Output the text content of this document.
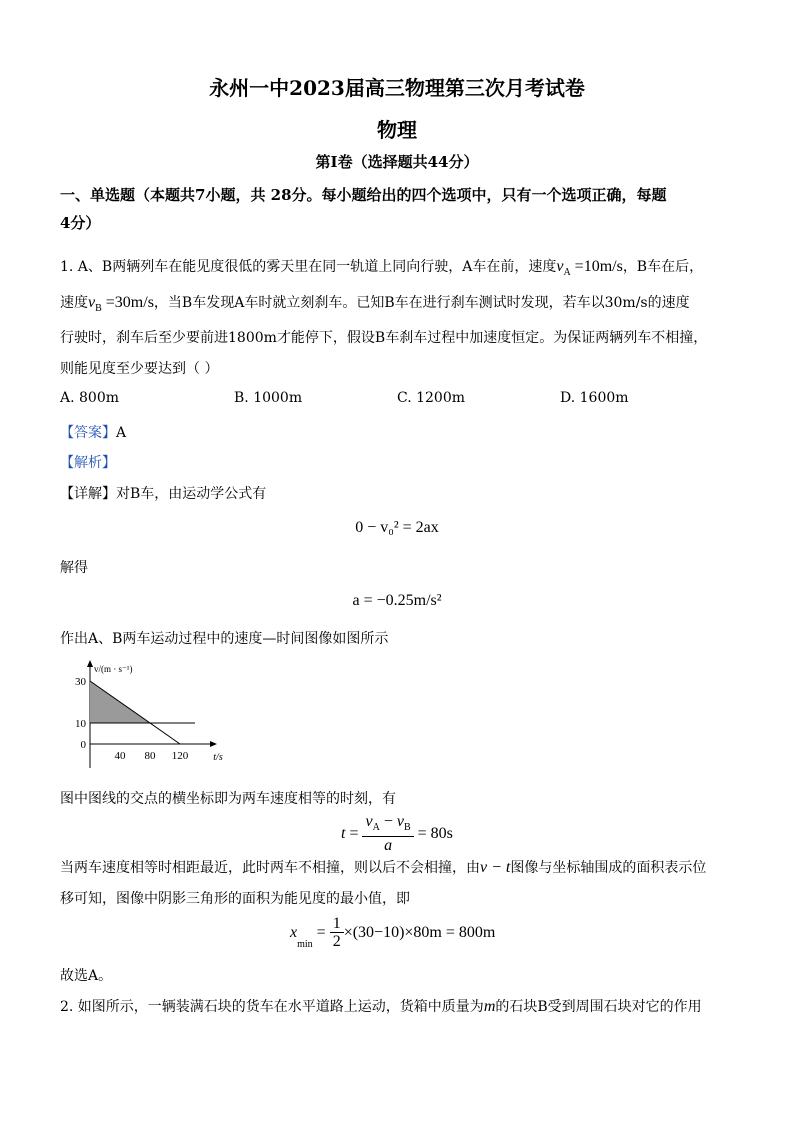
永州一中2023届高三物理第三次月考试卷
物理
第I卷（选择题共44分）
一、单选题（本题共7小题，共 28分。每小题给出的四个选项中，只有一个选项正确，每题
4分）
1. A、B两辆列车在能见度很低的雾天里在同一轨道上同向行驶，A车在前，速度$v_A =10m/s$，B车在后，
速度$v_B =30m/s$，当B车发现A车时就立刻刹车。已知B车在进行刹车测试时发现，若车以30m/s的速度
行驶时，刹车后至少要前进1800m才能停下，假设B车刹车过程中加速度恒定。为保证两辆列车不相撞，
则能见度至少要达到（ ）
A. 800m	B. 1000m	C. 1200m	D. 1600m
【答案】A
【解析】
【详解】对B车，由运动学公式有
0 − v₀² = 2ax
解得
a = −0.25m/s²
作出A、B两车运动过程中的速度—时间图像如图所示
40 80 120
0
10
30
t/s
v/(m · s⁻¹)
图中图线的交点的横坐标即为两车速度相等的时刻，有
$t = \frac{v_A - v_B}{a}$
= 80s
当两车速度相等时相距最近，此时两车不相撞，则以后不会相撞，由v − t图像与坐标轴围成的面积表示位
移可知，图像中阴影三角形的面积为能见度的最小值，即
x
$_{min}$
= $\frac{1}{2} \times(30-10)\times 80m = 800m$
故选A。
2. 如图所示，一辆装满石块的货车在水平道路上运动，货箱中质量为m的石块B受到周围石块对它的作用
